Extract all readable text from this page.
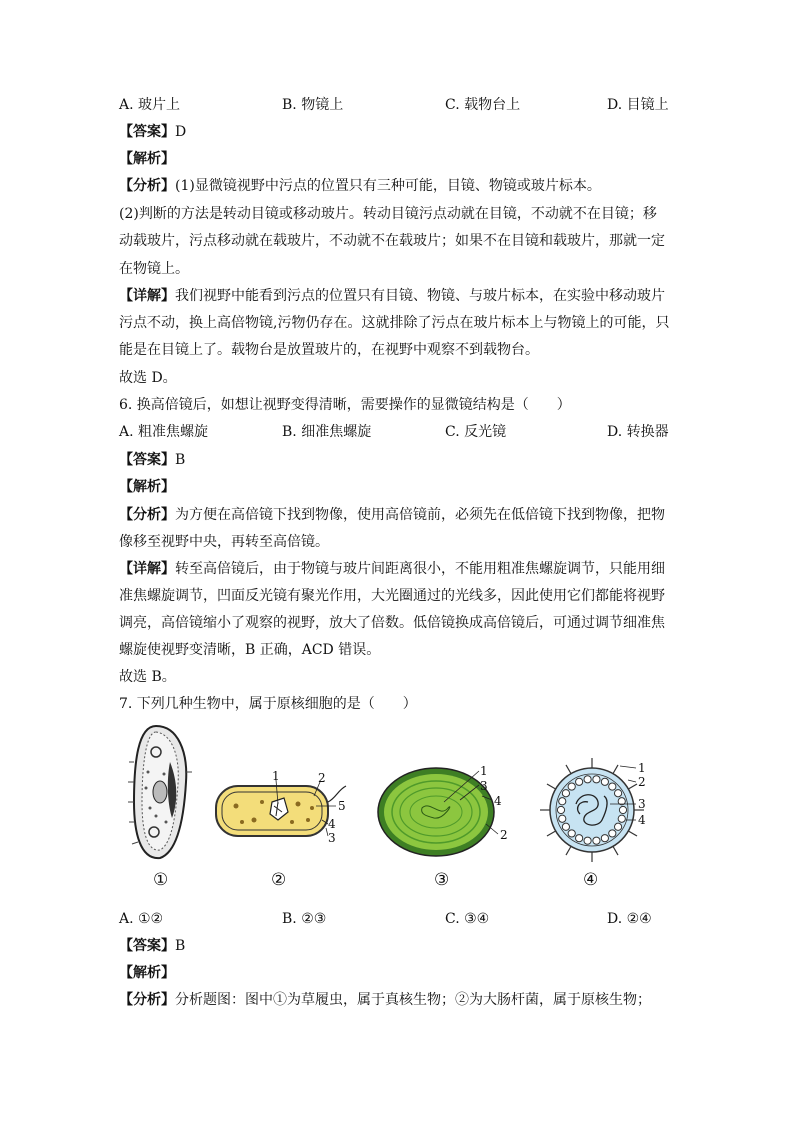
A. 玻片上	B. 物镜上	C. 载物台上	D. 目镜上
【答案】D
【解析】
【分析】(1)显微镜视野中污点的位置只有三种可能，目镜、物镜或玻片标本。
(2)判断的方法是转动目镜或移动玻片。转动目镜污点动就在目镜，不动就不在目镜；移
动载玻片，污点移动就在载玻片，不动就不在载玻片；如果不在目镜和载玻片，那就一定
在物镜上。
【详解】我们视野中能看到污点的位置只有目镜、物镜、与玻片标本，在实验中移动玻片
污点不动，换上高倍物镜,污物仍存在。这就排除了污点在玻片标本上与物镜上的可能，只
能是在目镜上了。载物台是放置玻片的，在视野中观察不到载物台。
故选 D。
6. 换高倍镜后，如想让视野变得清晰，需要操作的显微镜结构是（　　）
A. 粗准焦螺旋	B. 细准焦螺旋	C. 反光镜	D. 转换器
【答案】B
【解析】
【分析】为方便在高倍镜下找到物像，使用高倍镜前，必须先在低倍镜下找到物像，把物
像移至视野中央，再转至高倍镜。
【详解】转至高倍镜后，由于物镜与玻片间距离很小，不能用粗准焦螺旋调节，只能用细
准焦螺旋调节，凹面反光镜有聚光作用，大光圈通过的光线多，因此使用它们都能将视野
调亮，高倍镜缩小了观察的视野，放大了倍数。低倍镜换成高倍镜后，可通过调节细准焦
螺旋使视野变清晰，B 正确，ACD 错误。
故选 B。
7. 下列几种生物中，属于原核细胞的是（　　）
①
1	2
5
4
3
②
1
3
4
2
③
1
2
3
4
④
A. ①②	B. ②③	C. ③④	D. ②④
【答案】B
【解析】
【分析】分析题图：图中①为草履虫，属于真核生物；②为大肠杆菌，属于原核生物；
